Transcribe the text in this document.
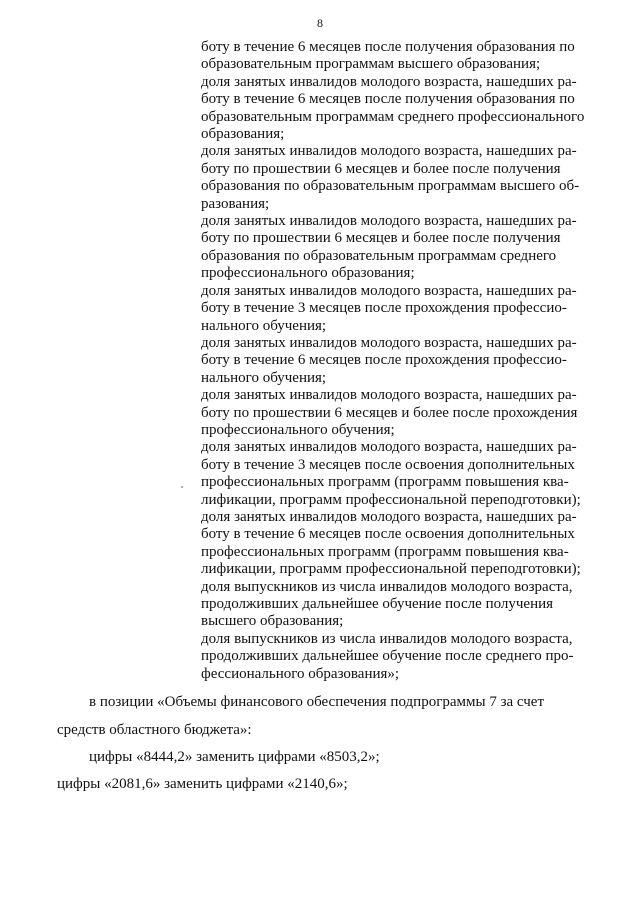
8
боту в течение 6 месяцев после получения образования по
образовательным программам высшего образования;
доля занятых инвалидов молодого возраста, нашедших ра-
боту в течение 6 месяцев после получения образования по
образовательным программам среднего профессионального
образования;
доля занятых инвалидов молодого возраста, нашедших ра-
боту по прошествии 6 месяцев и более после получения
образования по образовательным программам высшего об-
разования;
доля занятых инвалидов молодого возраста, нашедших ра-
боту по прошествии 6 месяцев и более после получения
образования по образовательным программам среднего
профессионального образования;
доля занятых инвалидов молодого возраста, нашедших ра-
боту в течение 3 месяцев после прохождения профессио-
нального обучения;
доля занятых инвалидов молодого возраста, нашедших ра-
боту в течение 6 месяцев после прохождения профессио-
нального обучения;
доля занятых инвалидов молодого возраста, нашедших ра-
боту по прошествии 6 месяцев и более после прохождения
профессионального обучения;
доля занятых инвалидов молодого возраста, нашедших ра-
боту в течение 3 месяцев после освоения дополнительных
профессиональных программ (программ повышения ква-
лификации, программ профессиональной переподготовки);
доля занятых инвалидов молодого возраста, нашедших ра-
боту в течение 6 месяцев после освоения дополнительных
профессиональных программ (программ повышения ква-
лификации, программ профессиональной переподготовки);
доля выпускников из числа инвалидов молодого возраста,
продолживших дальнейшее обучение после получения
высшего образования;
доля выпускников из числа инвалидов молодого возраста,
продолживших дальнейшее обучение после среднего про-
фессионального образования»;
в позиции «Объемы финансового обеспечения подпрограммы 7 за счет
средств областного бюджета»:
цифры «8444,2» заменить цифрами «8503,2»;
цифры «2081,6» заменить цифрами «2140,6»;
